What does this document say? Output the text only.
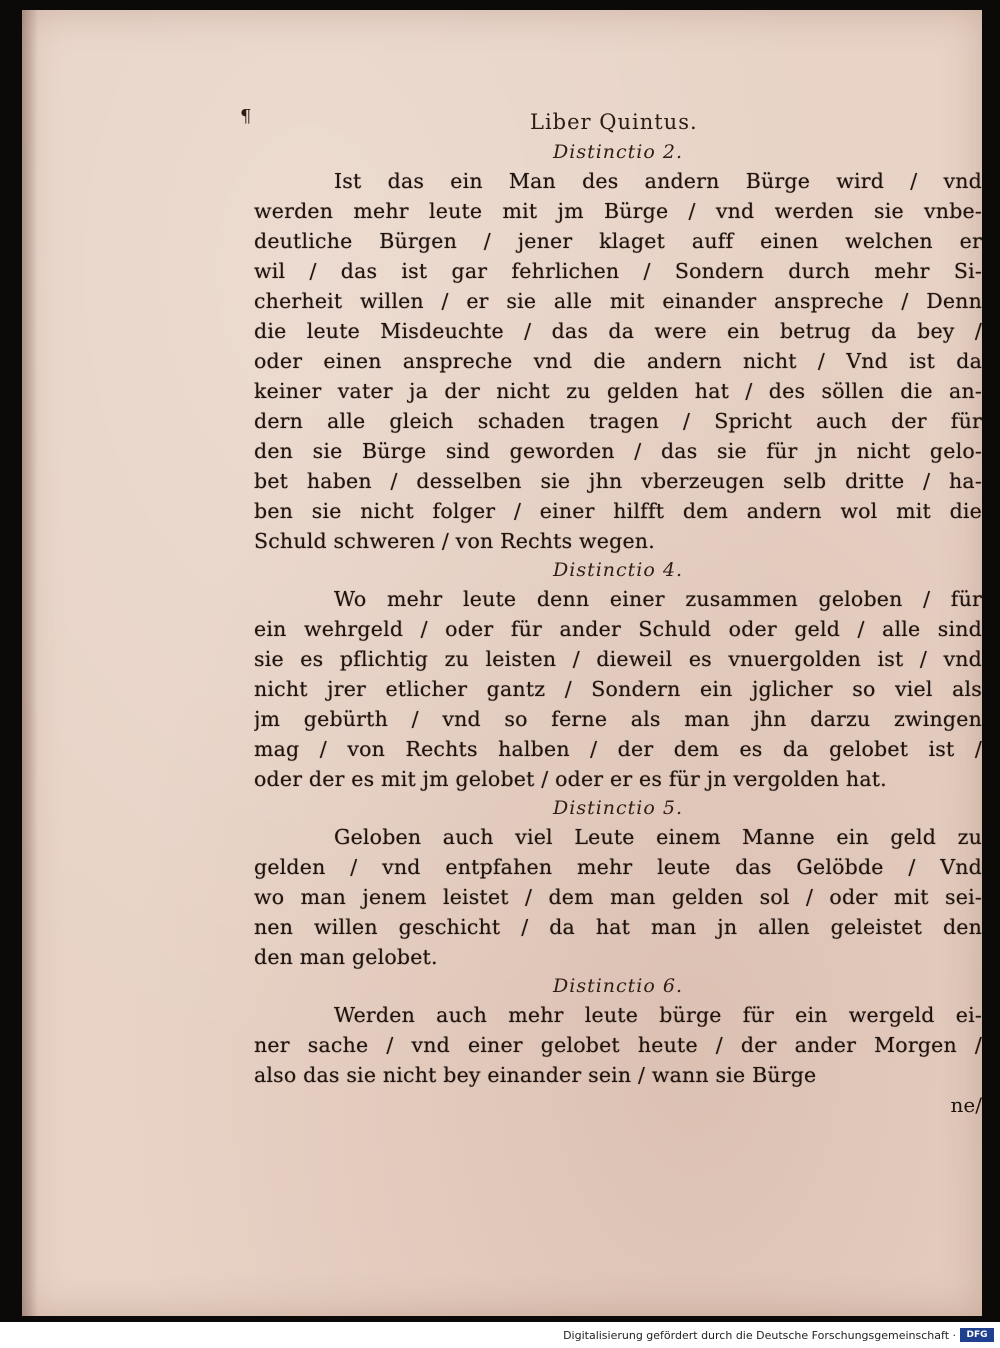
¶	Liber Quintus.
Distinctio 2.
Ist das ein Man des andern Bürge wird / vnd
werden mehr leute mit jm Bürge / vnd werden sie vnbe-
deutliche Bürgen / jener klaget auff einen welchen er
wil / das ist gar fehrlichen / Sondern durch mehr Si-
cherheit willen / er sie alle mit einander anspreche / Denn
die leute Misdeuchte / das da were ein betrug da bey /
oder einen anspreche vnd die andern nicht / Vnd ist da
keiner vater ja der nicht zu gelden hat / des söllen die an-
dern alle gleich schaden tragen / Spricht auch der für
den sie Bürge sind geworden / das sie für jn nicht gelo-
bet haben / desselben sie jhn vberzeugen selb dritte / ha-
ben sie nicht folger / einer hilfft dem andern wol mit die
Schuld schweren / von Rechts wegen.
Distinctio 4.
Wo mehr leute denn einer zusammen geloben / für
ein wehrgeld / oder für ander Schuld oder geld / alle sind
sie es pflichtig zu leisten / dieweil es vnuergolden ist / vnd
nicht jrer etlicher gantz / Sondern ein jglicher so viel als
jm gebürth / vnd so ferne als man jhn darzu zwingen
mag / von Rechts halben / der dem es da gelobet ist /
oder der es mit jm gelobet / oder er es für jn vergolden hat.
Distinctio 5.
Geloben auch viel Leute einem Manne ein geld zu
gelden / vnd entpfahen mehr leute das Gelöbde / Vnd
wo man jenem leistet / dem man gelden sol / oder mit sei-
nen willen geschicht / da hat man jn allen geleistet den
den man gelobet.
Distinctio 6.
Werden auch mehr leute bürge für ein wergeld ei-
ner sache / vnd einer gelobet heute / der ander Morgen /
also das sie nicht bey einander sein / wann sie Bürge
ne/
Digitalisierung gefördert durch die Deutsche Forschungsgemeinschaft ·	DFG
